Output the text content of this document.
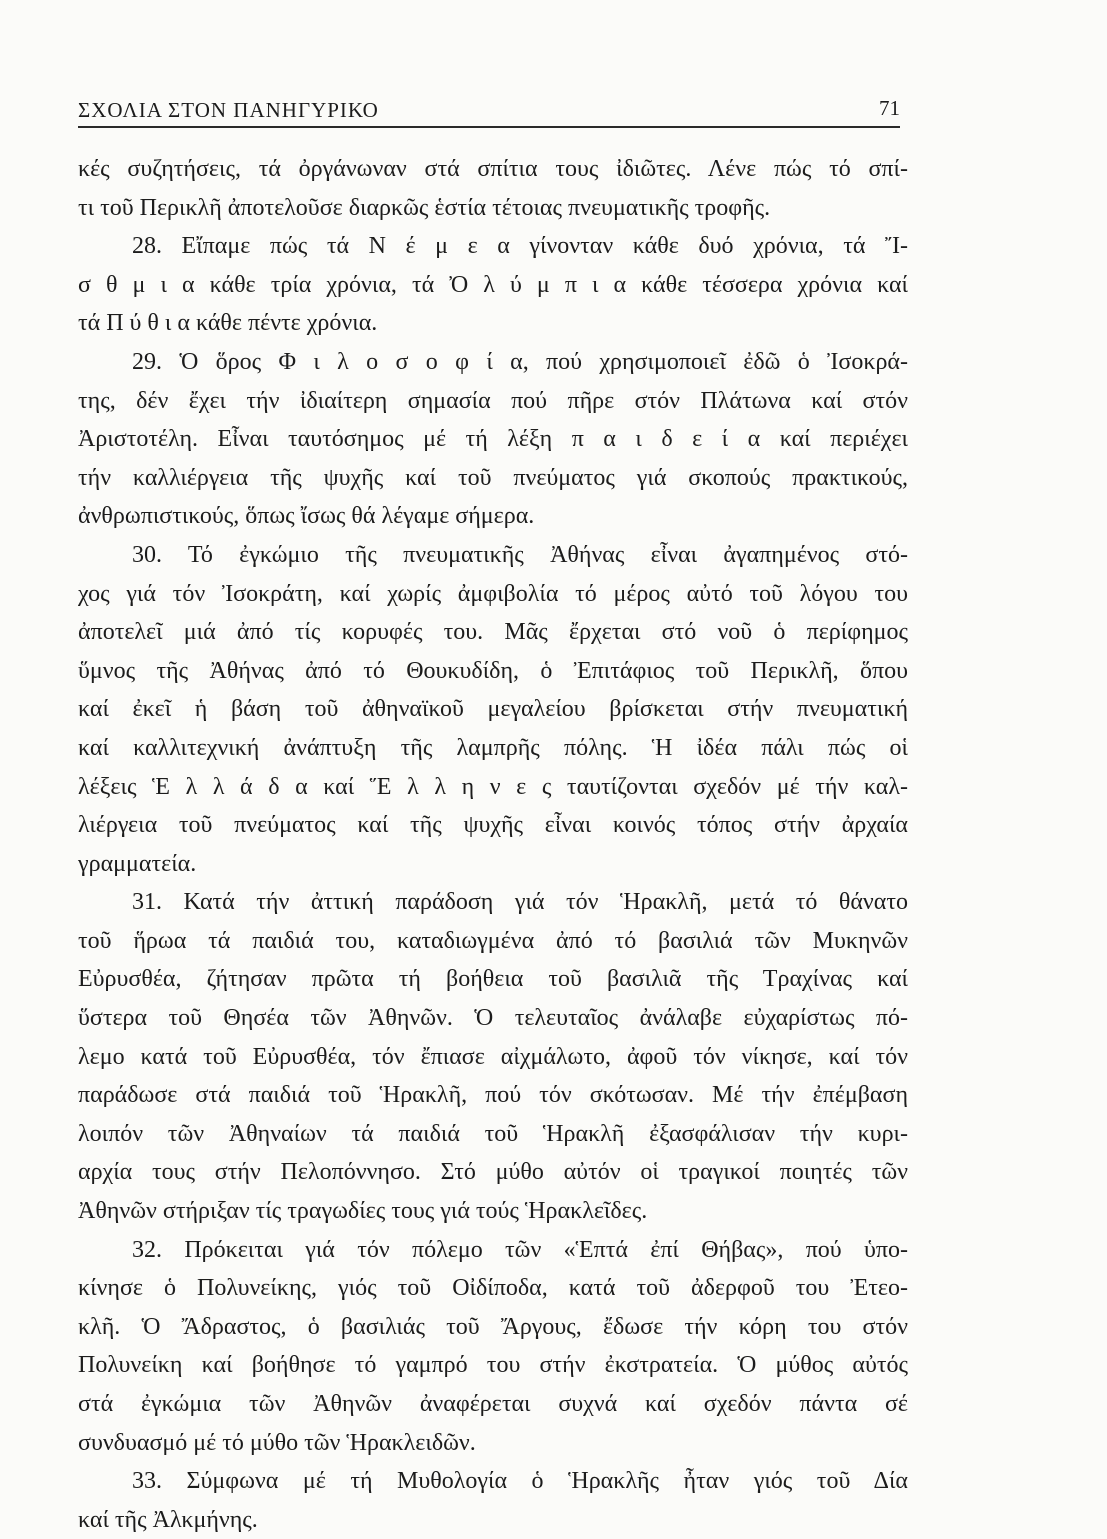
ΣΧΟΛΙΑ ΣΤΟΝ ΠΑΝΗΓΥΡΙΚΟ	71
κές συζητήσεις, τά ὀργάνωναν στά σπίτια τους ἰδιῶτες. Λένε πώς τό σπί-
τι τοῦ Περικλῆ ἀποτελοῦσε διαρκῶς ἑστία τέτοιας πνευματικῆς τροφῆς.
28. Εἴπαμε πώς τά Ν έ μ ε α γίνονταν κάθε δυό χρόνια, τά Ἴ-
σ θ μ ι α κάθε τρία χρόνια, τά Ὀ λ ύ μ π ι α κάθε τέσσερα χρόνια καί
τά Π ύ θ ι α κάθε πέντε χρόνια.
29. Ὁ ὅρος Φ ι λ ο σ ο φ ί α, πού χρησιμοποιεῖ ἐδῶ ὁ Ἰσοκρά-
της, δέν ἔχει τήν ἰδιαίτερη σημασία πού πῆρε στόν Πλάτωνα καί στόν
Ἀριστοτέλη. Εἶναι ταυτόσημος μέ τή λέξη π α ι δ ε ί α καί περιέχει
τήν καλλιέργεια τῆς ψυχῆς καί τοῦ πνεύματος γιά σκοπούς πρακτικούς,
ἀνθρωπιστικούς, ὅπως ἴσως θά λέγαμε σήμερα.
30. Τό ἐγκώμιο τῆς πνευματικῆς Ἀθήνας εἶναι ἀγαπημένος στό-
χος γιά τόν Ἰσοκράτη, καί χωρίς ἀμφιβολία τό μέρος αὐτό τοῦ λόγου του
ἀποτελεῖ μιά ἀπό τίς κορυφές του. Μᾶς ἔρχεται στό νοῦ ὁ περίφημος
ὕμνος τῆς Ἀθήνας ἀπό τό Θουκυδίδη, ὁ Ἐπιτάφιος τοῦ Περικλῆ, ὅπου
καί ἐκεῖ ἡ βάση τοῦ ἀθηναϊκοῦ μεγαλείου βρίσκεται στήν πνευματική
καί καλλιτεχνική ἀνάπτυξη τῆς λαμπρῆς πόλης. Ἡ ἰδέα πάλι πώς οἱ
λέξεις Ἑ λ λ ά δ α καί Ἕ λ λ η ν ε ς ταυτίζονται σχεδόν μέ τήν καλ-
λιέργεια τοῦ πνεύματος καί τῆς ψυχῆς εἶναι κοινός τόπος στήν ἀρχαία
γραμματεία.
31. Κατά τήν ἀττική παράδοση γιά τόν Ἡρακλῆ, μετά τό θάνατο
τοῦ ἥρωα τά παιδιά του, καταδιωγμένα ἀπό τό βασιλιά τῶν Μυκηνῶν
Εὐρυσθέα, ζήτησαν πρῶτα τή βοήθεια τοῦ βασιλιᾶ τῆς Τραχίνας καί
ὕστερα τοῦ Θησέα τῶν Ἀθηνῶν. Ὁ τελευταῖος ἀνάλαβε εὐχαρίστως πό-
λεμο κατά τοῦ Εὐρυσθέα, τόν ἔπιασε αἰχμάλωτο, ἀφοῦ τόν νίκησε, καί τόν
παράδωσε στά παιδιά τοῦ Ἡρακλῆ, πού τόν σκότωσαν. Μέ τήν ἐπέμβαση
λοιπόν τῶν Ἀθηναίων τά παιδιά τοῦ Ἡρακλῆ ἐξασφάλισαν τήν κυρι-
αρχία τους στήν Πελοπόννησο. Στό μύθο αὐτόν οἱ τραγικοί ποιητές τῶν
Ἀθηνῶν στήριξαν τίς τραγωδίες τους γιά τούς Ἡρακλεῖδες.
32. Πρόκειται γιά τόν πόλεμο τῶν «Ἑπτά ἐπί Θήβας», πού ὑπο-
κίνησε ὁ Πολυνείκης, γιός τοῦ Οἰδίποδα, κατά τοῦ ἀδερφοῦ του Ἐτεο-
κλῆ. Ὁ Ἄδραστος, ὁ βασιλιάς τοῦ Ἄργους, ἔδωσε τήν κόρη του στόν
Πολυνείκη καί βοήθησε τό γαμπρό του στήν ἐκστρατεία. Ὁ μύθος αὐτός
στά ἐγκώμια τῶν Ἀθηνῶν ἀναφέρεται συχνά καί σχεδόν πάντα σέ
συνδυασμό μέ τό μύθο τῶν Ἡρακλειδῶν.
33. Σύμφωνα μέ τή Μυθολογία ὁ Ἡρακλῆς ἦταν γιός τοῦ Δία
καί τῆς Ἀλκμήνης.
